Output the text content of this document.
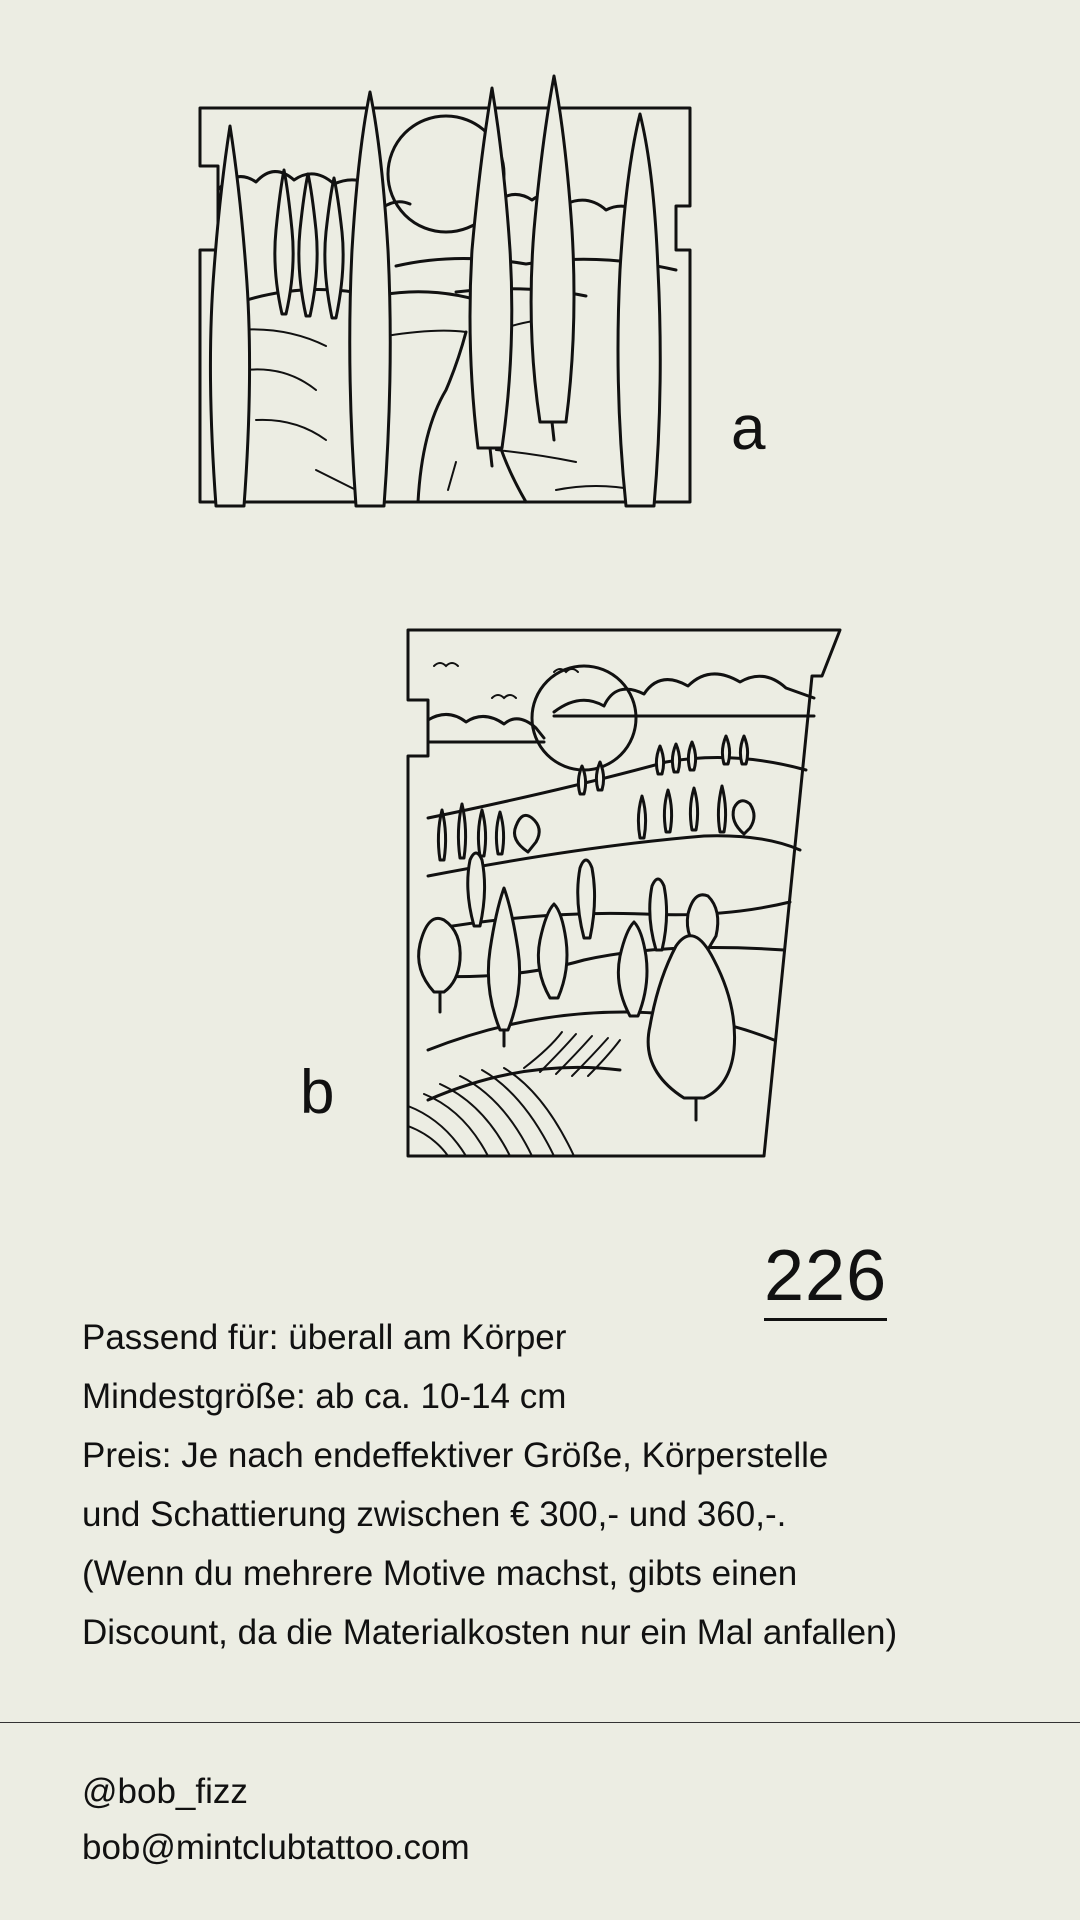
a
b
226
Passend für: überall am Körper
Mindestgröße: ab ca. 10-14 cm
Preis: Je nach endeffektiver Größe, Körperstelle
und Schattierung zwischen € 300,- und 360,-.
(Wenn du mehrere Motive machst, gibts einen
Discount, da die Materialkosten nur ein Mal anfallen)
@bob_fizz
bob@mintclubtattoo.com
